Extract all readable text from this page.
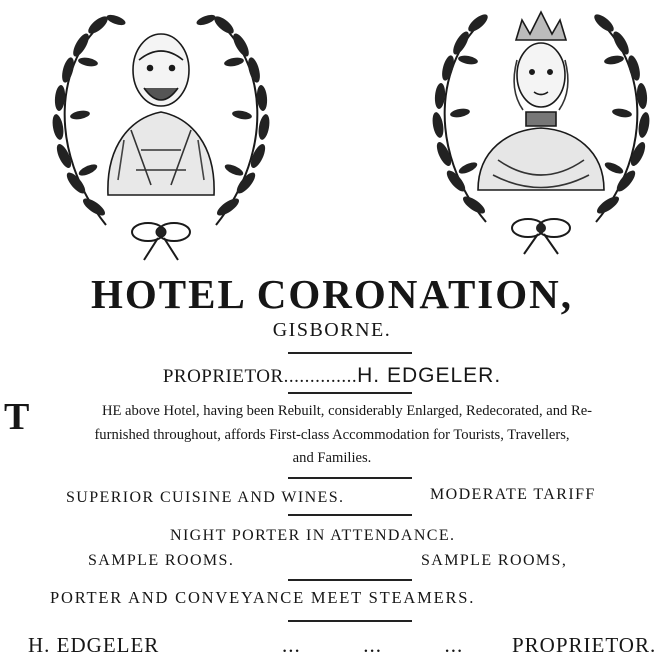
HOTEL CORONATION,
GISBORNE.
PROPRIETOR..............H. EDGELER.
T	HE above Hotel, having been Rebuilt, considerably Enlarged, Redecorated, and Re-
furnished throughout, affords First-class Accommodation for Tourists, Travellers,
and Families.
SUPERIOR CUISINE AND WINES.	MODERATE TARIFF
NIGHT PORTER IN ATTENDANCE.
SAMPLE ROOMS.	SAMPLE ROOMS,
PORTER AND CONVEYANCE MEET STEAMERS.
H. EDGELER	...          ...          ... PROPRIETOR.
